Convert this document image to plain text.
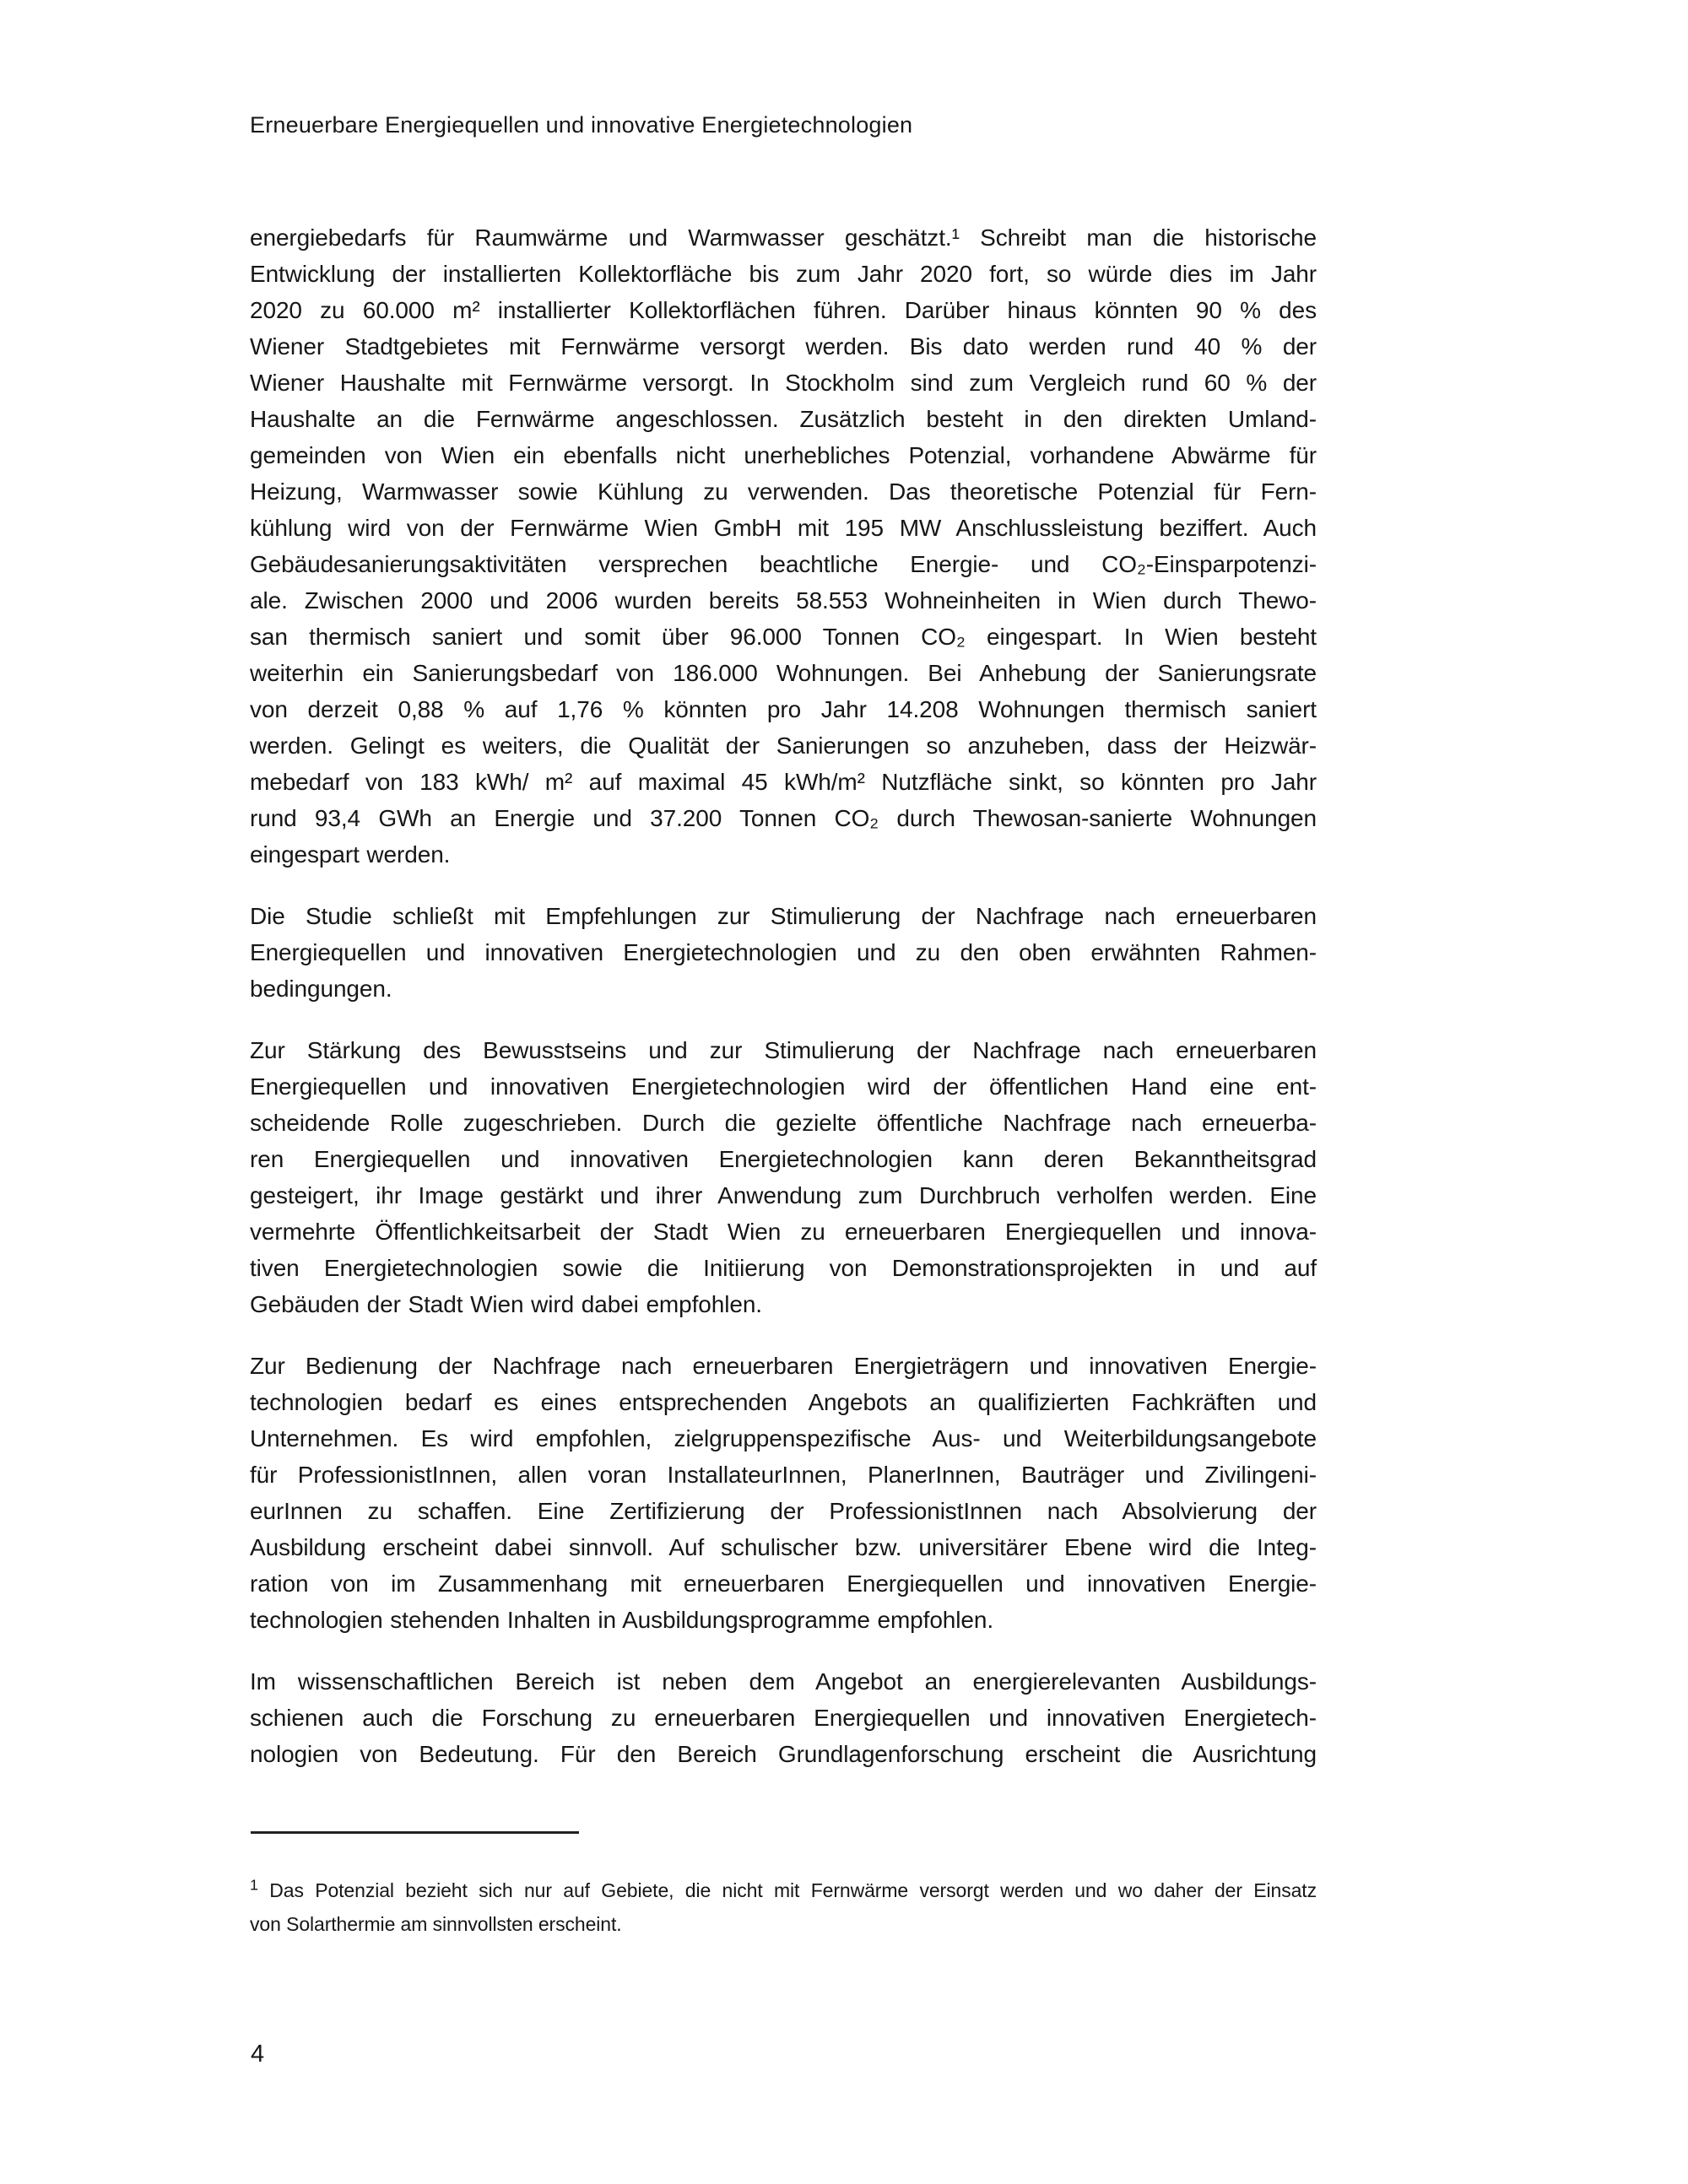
Erneuerbare Energiequellen und innovative Energietechnologien
energiebedarfs für Raumwärme und Warmwasser geschätzt.¹ Schreibt man die historische
Entwicklung der installierten Kollektorfläche bis zum Jahr 2020 fort, so würde dies im Jahr
2020 zu 60.000 m² installierter Kollektorflächen führen. Darüber hinaus könnten 90 % des
Wiener Stadtgebietes mit Fernwärme versorgt werden. Bis dato werden rund 40 % der
Wiener Haushalte mit Fernwärme versorgt. In Stockholm sind zum Vergleich rund 60 % der
Haushalte an die Fernwärme angeschlossen. Zusätzlich besteht in den direkten Umland-
gemeinden von Wien ein ebenfalls nicht unerhebliches Potenzial, vorhandene Abwärme für
Heizung, Warmwasser sowie Kühlung zu verwenden. Das theoretische Potenzial für Fern-
kühlung wird von der Fernwärme Wien GmbH mit 195 MW Anschlussleistung beziffert. Auch
Gebäudesanierungsaktivitäten versprechen beachtliche Energie- und CO₂-Einsparpotenzi-
ale. Zwischen 2000 und 2006 wurden bereits 58.553 Wohneinheiten in Wien durch Thewo-
san thermisch saniert und somit über 96.000 Tonnen CO₂ eingespart. In Wien besteht
weiterhin ein Sanierungsbedarf von 186.000 Wohnungen. Bei Anhebung der Sanierungsrate
von derzeit 0,88 % auf 1,76 % könnten pro Jahr 14.208 Wohnungen thermisch saniert
werden. Gelingt es weiters, die Qualität der Sanierungen so anzuheben, dass der Heizwär-
mebedarf von 183 kWh/ m² auf maximal 45 kWh/m² Nutzfläche sinkt, so könnten pro Jahr
rund 93,4 GWh an Energie und 37.200 Tonnen CO₂ durch Thewosan-sanierte Wohnungen
eingespart werden.
Die Studie schließt mit Empfehlungen zur Stimulierung der Nachfrage nach erneuerbaren
Energiequellen und innovativen Energietechnologien und zu den oben erwähnten Rahmen-
bedingungen.
Zur Stärkung des Bewusstseins und zur Stimulierung der Nachfrage nach erneuerbaren
Energiequellen und innovativen Energietechnologien wird der öffentlichen Hand eine ent-
scheidende Rolle zugeschrieben. Durch die gezielte öffentliche Nachfrage nach erneuerba-
ren Energiequellen und innovativen Energietechnologien kann deren Bekanntheitsgrad
gesteigert, ihr Image gestärkt und ihrer Anwendung zum Durchbruch verholfen werden. Eine
vermehrte Öffentlichkeitsarbeit der Stadt Wien zu erneuerbaren Energiequellen und innova-
tiven Energietechnologien sowie die Initiierung von Demonstrationsprojekten in und auf
Gebäuden der Stadt Wien wird dabei empfohlen.
Zur Bedienung der Nachfrage nach erneuerbaren Energieträgern und innovativen Energie-
technologien bedarf es eines entsprechenden Angebots an qualifizierten Fachkräften und
Unternehmen. Es wird empfohlen, zielgruppenspezifische Aus- und Weiterbildungsangebote
für ProfessionistInnen, allen voran InstallateurInnen, PlanerInnen, Bauträger und Zivilingeni-
eurInnen zu schaffen. Eine Zertifizierung der ProfessionistInnen nach Absolvierung der
Ausbildung erscheint dabei sinnvoll. Auf schulischer bzw. universitärer Ebene wird die Integ-
ration von im Zusammenhang mit erneuerbaren Energiequellen und innovativen Energie-
technologien stehenden Inhalten in Ausbildungsprogramme empfohlen.
Im wissenschaftlichen Bereich ist neben dem Angebot an energierelevanten Ausbildungs-
schienen auch die Forschung zu erneuerbaren Energiequellen und innovativen Energietech-
nologien von Bedeutung. Für den Bereich Grundlagenforschung erscheint die Ausrichtung
$^1$ Das Potenzial bezieht sich nur auf Gebiete, die nicht mit Fernwärme versorgt werden und wo daher der Einsatz
von Solarthermie am sinnvollsten erscheint.
4
